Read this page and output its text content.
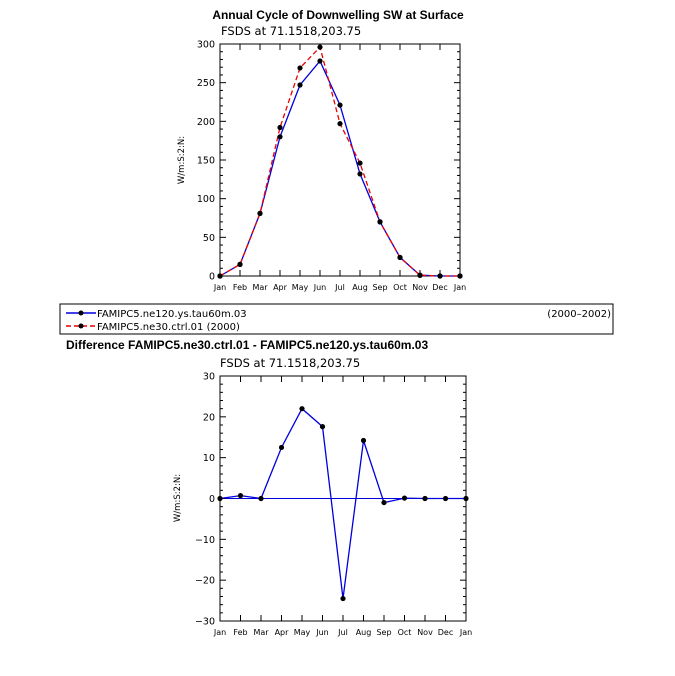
Annual Cycle of Downwelling SW at Surface
FSDS at 71.1518,203.75
W/m:S:2:N:
0
50
100
150
200
250
300
Jan Feb Mar Apr May Jun Jul Aug Sep Oct Nov Dec Jan
FAMIPC5.ne120.ys.tau60m.03	(2000–2002)
FAMIPC5.ne30.ctrl.01 (2000)
Difference FAMIPC5.ne30.ctrl.01 - FAMIPC5.ne120.ys.tau60m.03
FSDS at 71.1518,203.75
W/m:S:2:N:
−30
−20
−10
0
10
20
30
Jan Feb Mar Apr May Jun Jul Aug Sep Oct Nov Dec Jan
